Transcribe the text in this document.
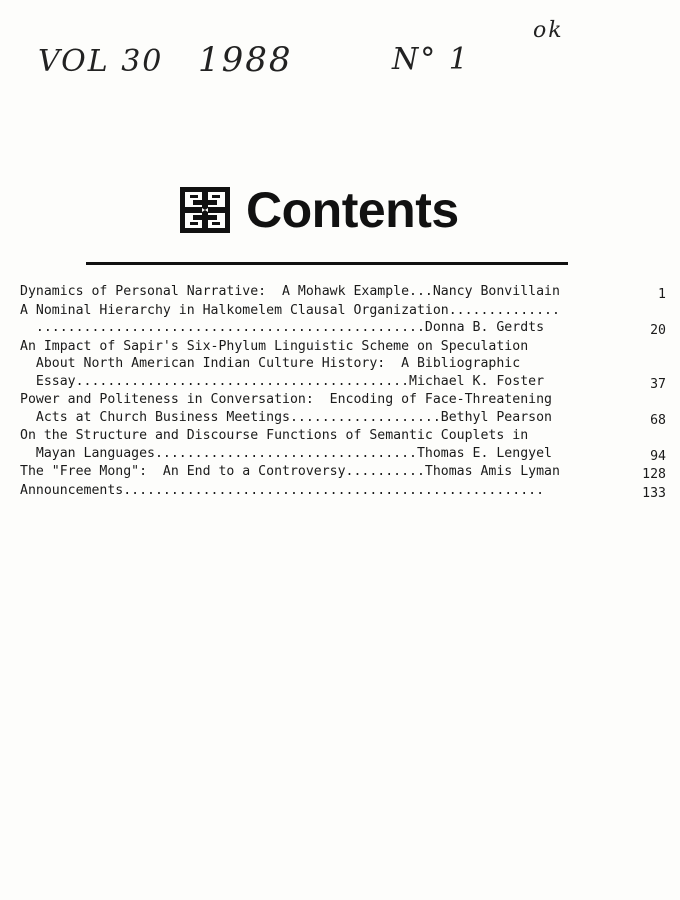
VOL 30 1988	N° 1
ok
Contents
Dynamics of Personal Narrative:  A Mohawk Example...Nancy Bonvillain	1
A Nominal Hierarchy in Halkomelem Clausal Organization..............
.................................................Donna B. Gerdts	20
An Impact of Sapir's Six-Phylum Linguistic Scheme on Speculation
About North American Indian Culture History:  A Bibliographic
Essay..........................................Michael K. Foster	37
Power and Politeness in Conversation:  Encoding of Face-Threatening
Acts at Church Business Meetings...................Bethyl Pearson	68
On the Structure and Discourse Functions of Semantic Couplets in
Mayan Languages.................................Thomas E. Lengyel	94
The "Free Mong":  An End to a Controversy..........Thomas Amis Lyman	128
Announcements.....................................................	133
